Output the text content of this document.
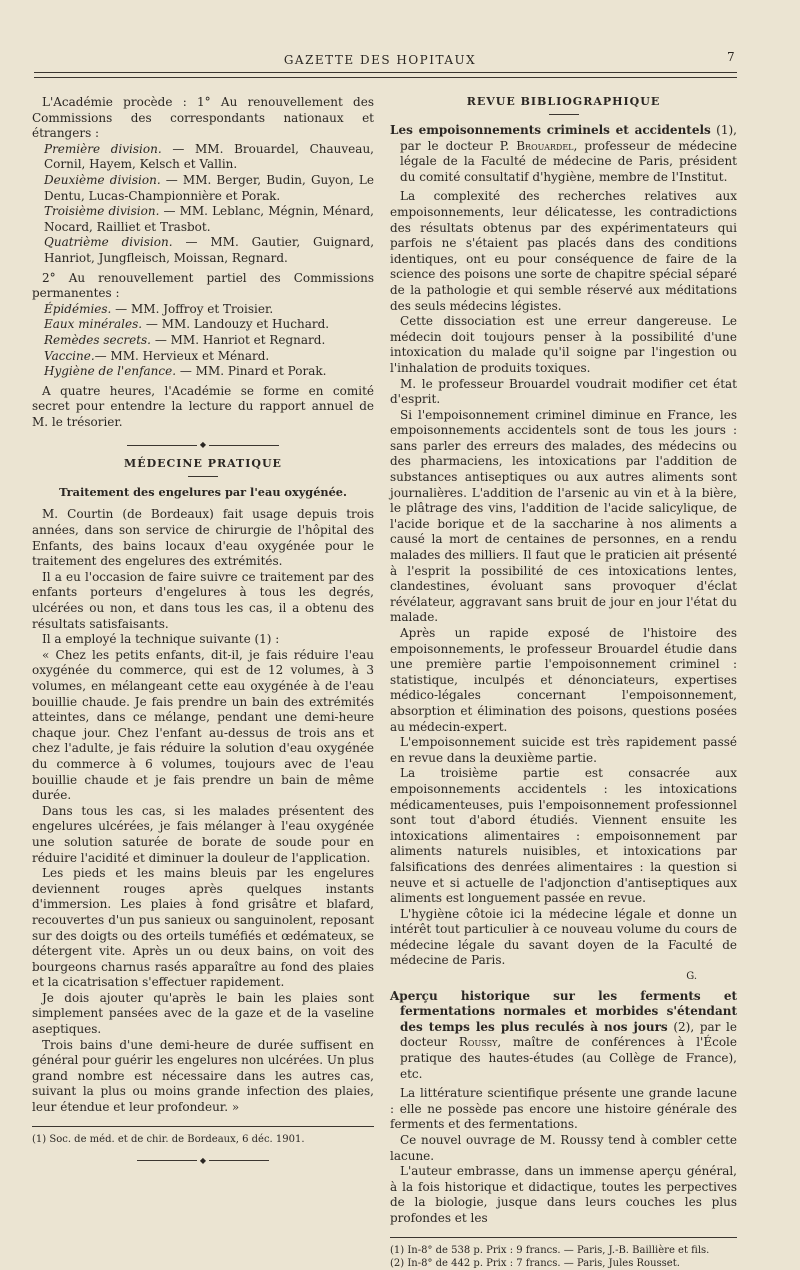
GAZETTE DES HOPITAUX	7

L'Académie procède : 1° Au renouvellement des Commissions des correspondants nationaux et étrangers :

Première division. — MM. Brouardel, Chauveau, Cornil, Hayem, Kelsch et Vallin.

Deuxième division. — MM. Berger, Budin, Guyon, Le Dentu, Lucas-Championnière et Porak.

Troisième division. — MM. Leblanc, Mégnin, Ménard, Nocard, Railliet et Trasbot.

Quatrième division. — MM. Gautier, Guignard, Hanriot, Jungfleisch, Moissan, Regnard.

2° Au renouvellement partiel des Commissions permanentes :

Épidémies. — MM. Joffroy et Troisier.

Eaux minérales. — MM. Landouzy et Huchard.

Remèdes secrets. — MM. Hanriot et Regnard.

Vaccine.— MM. Hervieux et Ménard.

Hygiène de l'enfance. — MM. Pinard et Porak.

A quatre heures, l'Académie se forme en comité secret pour entendre la lecture du rapport annuel de M. le trésorier.

◆
MÉDECINE PRATIQUE
Traitement des engelures par l'eau oxygénée.

M. Courtin (de Bordeaux) fait usage depuis trois années, dans son service de chirurgie de l'hôpital des Enfants, des bains locaux d'eau oxygénée pour le traitement des engelures des extrémités.

Il a eu l'occasion de faire suivre ce traitement par des enfants porteurs d'engelures à tous les degrés, ulcérées ou non, et dans tous les cas, il a obtenu des résultats satisfaisants.

Il a employé la technique suivante (1) :

« Chez les petits enfants, dit-il, je fais réduire l'eau oxygénée du commerce, qui est de 12 volumes, à 3 volumes, en mélangeant cette eau oxygénée à de l'eau bouillie chaude. Je fais prendre un bain des extrémités atteintes, dans ce mélange, pendant une demi-heure chaque jour. Chez l'enfant au-dessus de trois ans et chez l'adulte, je fais réduire la solution d'eau oxygénée du commerce à 6 volumes, toujours avec de l'eau bouillie chaude et je fais prendre un bain de même durée.

Dans tous les cas, si les malades présentent des engelures ulcérées, je fais mélanger à l'eau oxygénée une solution saturée de borate de soude pour en réduire l'acidité et diminuer la douleur de l'application.

Les pieds et les mains bleuis par les engelures deviennent rouges après quelques instants d'immersion. Les plaies à fond grisâtre et blafard, recouvertes d'un pus sanieux ou sanguinolent, reposant sur des doigts ou des orteils tuméfiés et œdémateux, se détergent vite. Après un ou deux bains, on voit des bourgeons charnus rasés apparaître au fond des plaies et la cicatrisation s'effectuer rapidement.

Je dois ajouter qu'après le bain les plaies sont simplement pansées avec de la gaze et de la vaseline aseptiques.

Trois bains d'une demi-heure de durée suffisent en général pour guérir les engelures non ulcérées. Un plus grand nombre est nécessaire dans les autres cas, suivant la plus ou moins grande infection des plaies, leur étendue et leur profondeur. »

(1) Soc. de méd. et de chir. de Bordeaux, 6 déc. 1901.

◆
REVUE BIBLIOGRAPHIQUE

Les empoisonnements criminels et accidentels (1), par le docteur P. Brouardel, professeur de médecine légale de la Faculté de médecine de Paris, président du comité consultatif d'hygiène, membre de l'Institut.

La complexité des recherches relatives aux empoisonnements, leur délicatesse, les contradictions des résultats obtenus par des expérimentateurs qui parfois ne s'étaient pas placés dans des conditions identiques, ont eu pour conséquence de faire de la science des poisons une sorte de chapitre spécial séparé de la pathologie et qui semble réservé aux méditations des seuls médecins légistes.

Cette dissociation est une erreur dangereuse. Le médecin doit toujours penser à la possibilité d'une intoxication du malade qu'il soigne par l'ingestion ou l'inhalation de produits toxiques.

M. le professeur Brouardel voudrait modifier cet état d'esprit.

Si l'empoisonnement criminel diminue en France, les empoisonnements accidentels sont de tous les jours : sans parler des erreurs des malades, des médecins ou des pharmaciens, les intoxications par l'addition de substances antiseptiques ou aux autres aliments sont journalières. L'addition de l'arsenic au vin et à la bière, le plâtrage des vins, l'addition de l'acide salicylique, de l'acide borique et de la saccharine à nos aliments a causé la mort de centaines de personnes, en a rendu malades des milliers. Il faut que le praticien ait présenté à l'esprit la possibilité de ces intoxications lentes, clandestines, évoluant sans provoquer d'éclat révélateur, aggravant sans bruit de jour en jour l'état du malade.

Après un rapide exposé de l'histoire des empoisonnements, le professeur Brouardel étudie dans une première partie l'empoisonnement criminel : statistique, inculpés et dénonciateurs, expertises médico-légales concernant l'empoisonnement, absorption et élimination des poisons, questions posées au médecin-expert.

L'empoisonnement suicide est très rapidement passé en revue dans la deuxième partie.

La troisième partie est consacrée aux empoisonnements accidentels : les intoxications médicamenteuses, puis l'empoisonnement professionnel sont tout d'abord étudiés. Viennent ensuite les intoxications alimentaires : empoisonnement par aliments naturels nuisibles, et intoxications par falsifications des denrées alimentaires : la question si neuve et si actuelle de l'adjonction d'antiseptiques aux aliments est longuement passée en revue.

L'hygiène côtoie ici la médecine légale et donne un intérêt tout particulier à ce nouveau volume du cours de médecine légale du savant doyen de la Faculté de médecine de Paris.

G.

Aperçu historique sur les ferments et fermentations normales et morbides s'étendant des temps les plus reculés à nos jours (2), par le docteur Roussy, maître de conférences à l'École pratique des hautes-études (au Collège de France), etc.

La littérature scientifique présente une grande lacune : elle ne possède pas encore une histoire générale des ferments et des fermentations.

Ce nouvel ouvrage de M. Roussy tend à combler cette lacune.

L'auteur embrasse, dans un immense aperçu général, à la fois historique et didactique, toutes les perpectives de la biologie, jusque dans leurs couches les plus profondes et les

(1) In-8° de 538 p. Prix : 9 francs. — Paris, J.-B. Baillière et fils.

(2) In-8° de 442 p. Prix : 7 francs. — Paris, Jules Rousset.
